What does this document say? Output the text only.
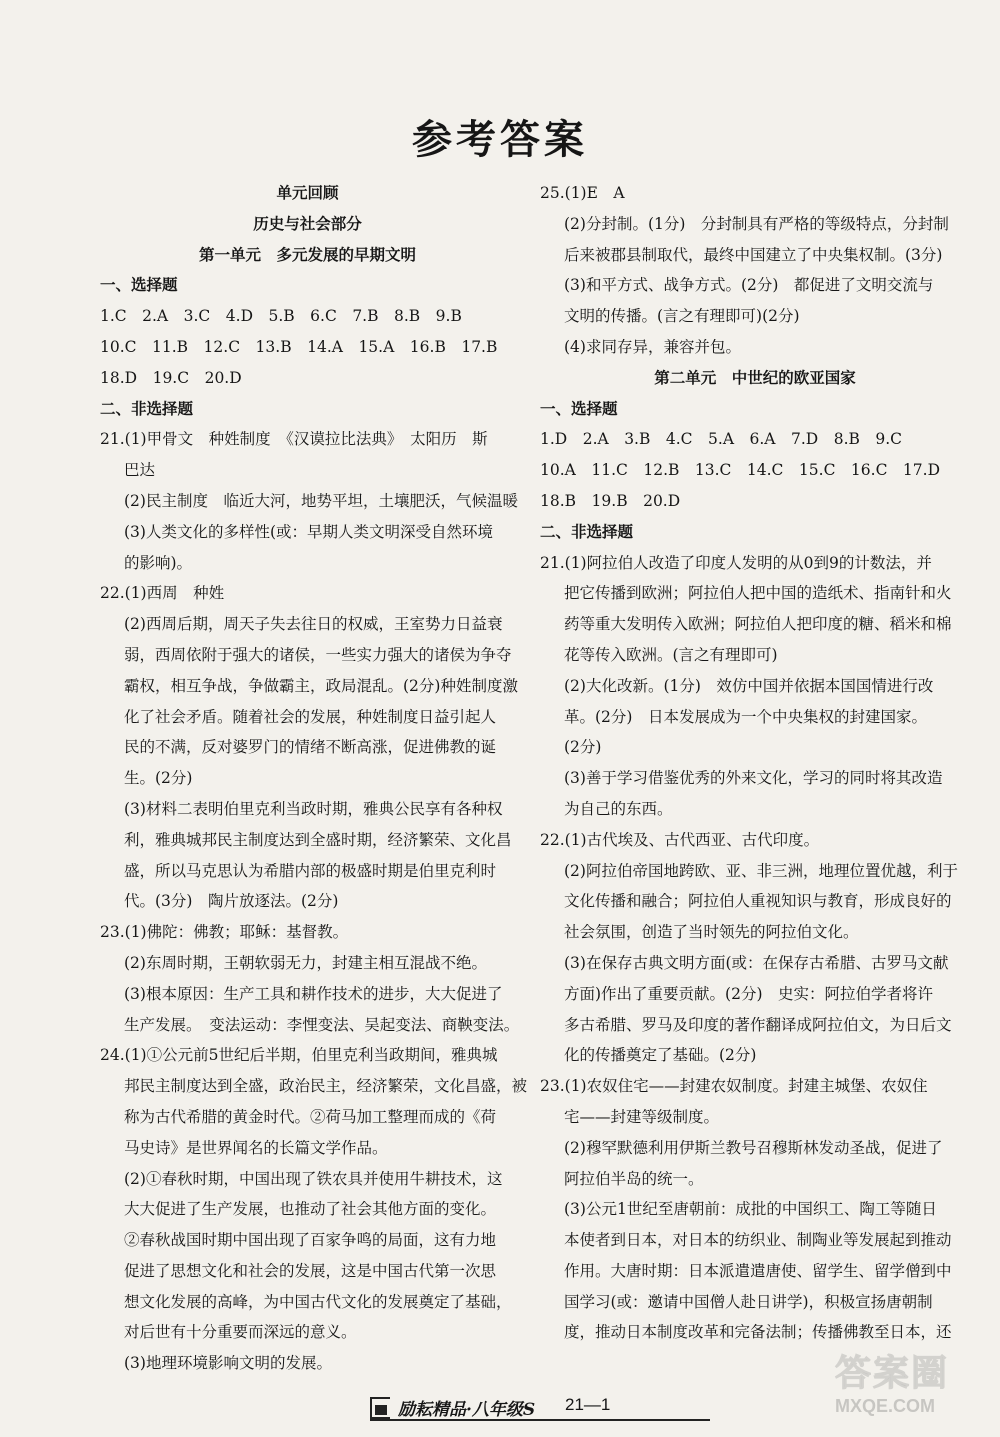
参考答案
单元回顾
历史与社会部分
第一单元　多元发展的早期文明
一、选择题
1.C　2.A　3.C　4.D　5.B　6.C　7.B　8.B　9.B
10.C　11.B　12.C　13.B　14.A　15.A　16.B　17.B
18.D　19.C　20.D
二、非选择题
21.(1)甲骨文　种姓制度　《汉谟拉比法典》　太阳历　斯
巴达
(2)民主制度　临近大河，地势平坦，土壤肥沃，气候温暖
(3)人类文化的多样性(或：早期人类文明深受自然环境
的影响)。
22.(1)西周　种姓
(2)西周后期，周天子失去往日的权威，王室势力日益衰
弱，西周依附于强大的诸侯，一些实力强大的诸侯为争夺
霸权，相互争战，争做霸主，政局混乱。(2分)种姓制度激
化了社会矛盾。随着社会的发展，种姓制度日益引起人
民的不满，反对婆罗门的情绪不断高涨，促进佛教的诞
生。(2分)
(3)材料二表明伯里克利当政时期，雅典公民享有各种权
利，雅典城邦民主制度达到全盛时期，经济繁荣、文化昌
盛，所以马克思认为希腊内部的极盛时期是伯里克利时
代。(3分)　陶片放逐法。(2分)
23.(1)佛陀：佛教；耶稣：基督教。
(2)东周时期，王朝软弱无力，封建主相互混战不绝。
(3)根本原因：生产工具和耕作技术的进步，大大促进了
生产发展。　变法运动：李悝变法、吴起变法、商鞅变法。
24.(1)①公元前5世纪后半期，伯里克利当政期间，雅典城
邦民主制度达到全盛，政治民主，经济繁荣，文化昌盛，被
称为古代希腊的黄金时代。②荷马加工整理而成的《荷
马史诗》是世界闻名的长篇文学作品。
(2)①春秋时期，中国出现了铁农具并使用牛耕技术，这
大大促进了生产发展，也推动了社会其他方面的变化。
②春秋战国时期中国出现了百家争鸣的局面，这有力地
促进了思想文化和社会的发展，这是中国古代第一次思
想文化发展的高峰，为中国古代文化的发展奠定了基础，
对后世有十分重要而深远的意义。
(3)地理环境影响文明的发展。
25.(1)E　A
(2)分封制。(1分)　分封制具有严格的等级特点，分封制
后来被郡县制取代，最终中国建立了中央集权制。(3分)
(3)和平方式、战争方式。(2分)　都促进了文明交流与
文明的传播。(言之有理即可)(2分)
(4)求同存异，兼容并包。
第二单元　中世纪的欧亚国家
一、选择题
1.D　2.A　3.B　4.C　5.A　6.A　7.D　8.B　9.C
10.A　11.C　12.B　13.C　14.C　15.C　16.C　17.D
18.B　19.B　20.D
二、非选择题
21.(1)阿拉伯人改造了印度人发明的从0到9的计数法，并
把它传播到欧洲；阿拉伯人把中国的造纸术、指南针和火
药等重大发明传入欧洲；阿拉伯人把印度的糖、稻米和棉
花等传入欧洲。(言之有理即可)
(2)大化改新。(1分)　效仿中国并依据本国国情进行改
革。(2分)　日本发展成为一个中央集权的封建国家。
(2分)
(3)善于学习借鉴优秀的外来文化，学习的同时将其改造
为自己的东西。
22.(1)古代埃及、古代西亚、古代印度。
(2)阿拉伯帝国地跨欧、亚、非三洲，地理位置优越，利于
文化传播和融合；阿拉伯人重视知识与教育，形成良好的
社会氛围，创造了当时领先的阿拉伯文化。
(3)在保存古典文明方面(或：在保存古希腊、古罗马文献
方面)作出了重要贡献。(2分)　史实：阿拉伯学者将许
多古希腊、罗马及印度的著作翻译成阿拉伯文，为日后文
化的传播奠定了基础。(2分)
23.(1)农奴住宅——封建农奴制度。封建主城堡、农奴住
宅——封建等级制度。
(2)穆罕默德利用伊斯兰教号召穆斯林发动圣战，促进了
阿拉伯半岛的统一。
(3)公元1世纪至唐朝前：成批的中国织工、陶工等随日
本使者到日本，对日本的纺织业、制陶业等发展起到推动
作用。大唐时期：日本派遣遣唐使、留学生、留学僧到中
国学习(或：邀请中国僧人赴日讲学)，积极宣扬唐朝制
度，推动日本制度改革和完备法制；传播佛教至日本，还
励耘精品·八年级S 21—1
答案圈
MXQE.COM
